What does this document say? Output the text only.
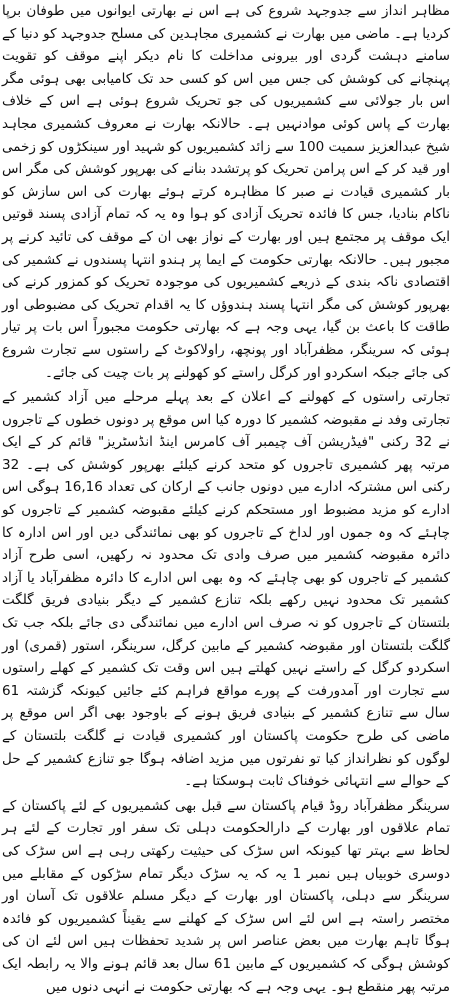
مظاہر انداز سے جدوجہد شروع کی ہے اس نے بھارتی ایوانوں میں طوفان برپا کردیا ہے۔ ماضی میں بھارت نے کشمیری مجاہدین کی مسلح جدوجہد کو دنیا کے سامنے دہشت گردی اور بیرونی مداخلت کا نام دیکر اپنے موقف کو تقویت پہنچانے کی کوشش کی جس میں اس کو کسی حد تک کامیابی بھی ہوئی مگر اس بار جولائی سے کشمیریوں کی جو تحریک شروع ہوئی ہے اس کے خلاف بھارت کے پاس کوئی موادنہیں ہے۔ حالانکہ بھارت نے معروف کشمیری مجاہد شیخ عبدالعزیز سمیت 100 سے زائد کشمیریوں کو شہید اور سینکڑوں کو زخمی اور قید کر کے اس پرامن تحریک کو پرتشدد بنانے کی بھرپور کوشش کی مگر اس بار کشمیری قیادت نے صبر کا مظاہرہ کرتے ہوئے بھارت کی اس سازش کو ناکام بنادیا، جس کا فائدہ تحریک آزادی کو ہوا وہ یہ کہ تمام آزادی پسند قوتیں ایک موقف پر مجتمع ہیں اور بھارت کے نواز بھی ان کے موقف کی تائید کرنے پر مجبور ہیں۔ حالانکہ بھارتی حکومت کے ایما پر ہندو انتہا پسندوں نے کشمیر کی اقتصادی ناکہ بندی کے ذریعے کشمیریوں کی موجودہ تحریک کو کمزور کرنے کی بھرپور کوشش کی مگر انتہا پسند ہندوؤں کا یہ اقدام تحریک کی مضبوطی اور طاقت کا باعث بن گیا، یہی وجہ ہے کہ بھارتی حکومت مجبوراً اس بات پر تیار ہوئی کہ سرینگر، مظفرآباد اور پونچھ، راولاکوٹ کے راستوں سے تجارت شروع کی جائے جبکہ اسکردو اور کرگل راستے کو کھولنے پر بات چیت کی جائے۔

تجارتی راستوں کے کھولنے کے اعلان کے بعد پہلے مرحلے میں آزاد کشمیر کے تجارتی وفد نے مقبوضہ کشمیر کا دورہ کیا اس موقع پر دونوں خطوں کے تاجروں نے 32 رکنی "فیڈریشن آف چیمبر آف کامرس اینڈ انڈسٹریز" قائم کر کے ایک مرتبہ پھر کشمیری تاجروں کو متحد کرنے کیلئے بھرپور کوشش کی ہے۔ 32 رکنی اس مشترکہ ادارے میں دونوں جانب کے ارکان کی تعداد 16,16 ہوگی اس ادارے کو مزید مضبوط اور مستحکم کرنے کیلئے مقبوضہ کشمیر کے تاجروں کو چاہئے کہ وہ جموں اور لداخ کے تاجروں کو بھی نمائندگی دیں اور اس ادارہ کا دائرہ مقبوضہ کشمیر میں صرف وادی تک محدود نہ رکھیں، اسی طرح آزاد کشمیر کے تاجروں کو بھی چاہئے کہ وہ بھی اس ادارے کا دائرہ مظفرآباد یا آزاد کشمیر تک محدود نہیں رکھے بلکہ تنازع کشمیر کے دیگر بنیادی فریق گلگت بلتستان کے تاجروں کو نہ صرف اس ادارے میں نمائندگی دی جائے بلکہ جب تک گلگت بلتستان اور مقبوضہ کشمیر کے مابین کرگل، سرینگر، استور (قمری) اور اسکردو کرگل کے راستے نہیں کھلتے ہیں اس وقت تک کشمیر کے کھلے راستوں سے تجارت اور آمدورفت کے پورے مواقع فراہم کئے جائیں کیونکہ گزشتہ 61 سال سے تنازع کشمیر کے بنیادی فریق ہونے کے باوجود بھی اگر اس موقع پر ماضی کی طرح حکومت پاکستان اور کشمیری قیادت نے گلگت بلتستان کے لوگوں کو نظرانداز کیا تو نفرتوں میں مزید اضافہ ہوگا جو تنازع کشمیر کے حل کے حوالے سے انتہائی خوفناک ثابت ہوسکتا ہے۔

سرینگر مظفرآباد روڈ قیام پاکستان سے قبل بھی کشمیریوں کے لئے پاکستان کے تمام علاقوں اور بھارت کے دارالحکومت دہلی تک سفر اور تجارت کے لئے ہر لحاظ سے بہتر تھا کیونکہ اس سڑک کی حیثیت رکھتی رہی ہے اس سڑک کی دوسری خوبیاں ہیں نمبر 1 یہ کہ یہ سڑک دیگر تمام سڑکوں کے مقابلے میں سرینگر سے دہلی، پاکستان اور بھارت کے دیگر مسلم علاقوں تک آسان اور مختصر راستہ ہے اس لئے اس سڑک کے کھلنے سے یقیناً کشمیریوں کو فائدہ ہوگا تاہم بھارت میں بعض عناصر اس پر شدید تحفظات ہیں اس لئے ان کی کوشش ہوگی کہ کشمیریوں کے مابین 61 سال بعد قائم ہونے والا یہ رابطہ ایک مرتبہ پھر منقطع ہو۔ یہی وجہ ہے کہ بھارتی حکومت نے انہی دنوں میں
